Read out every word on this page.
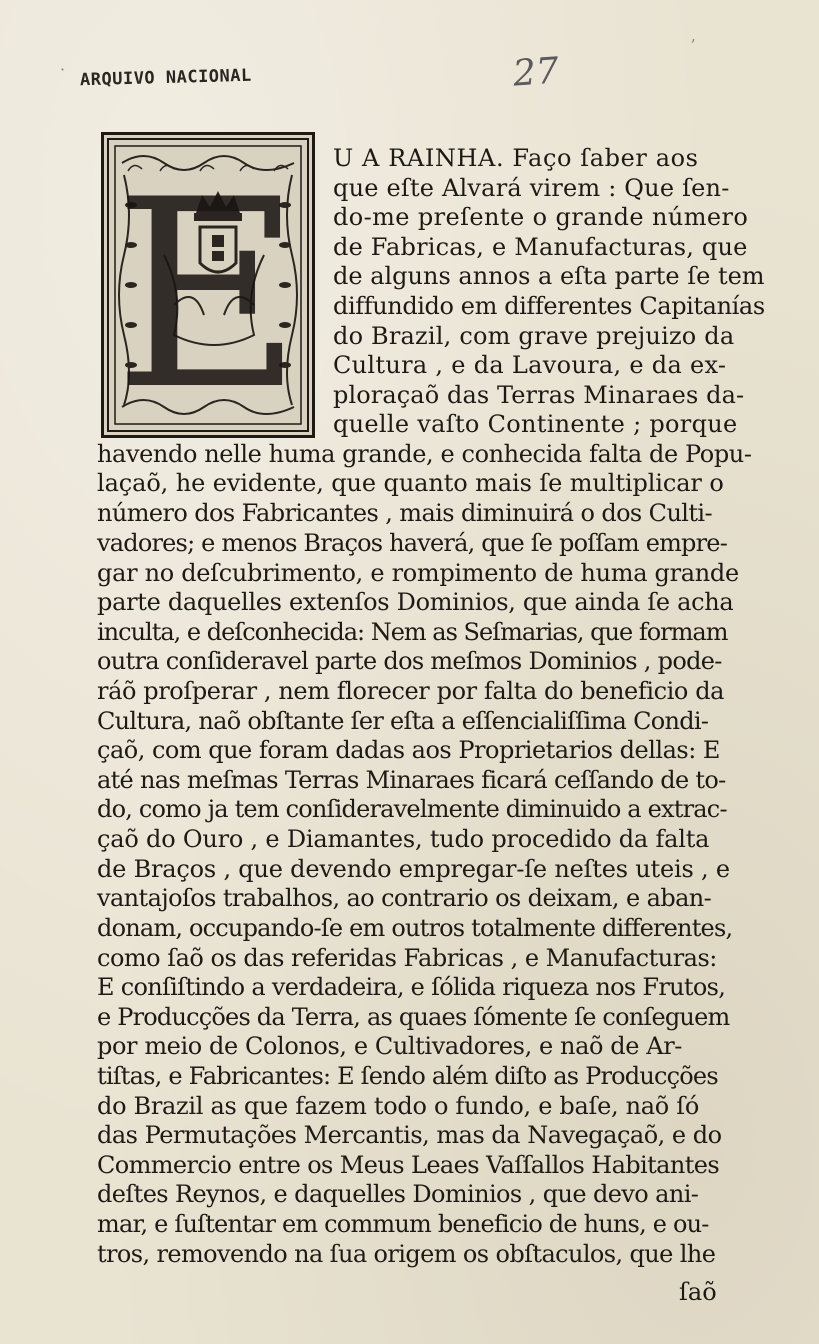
ARQUIVO NACIONAL	27
ʼ
·
E U A RAINHA. Faço ſaber aos
que eſte Alvará virem : Que ſen-
do-me preſente o grande número
de Fabricas, e Manufacturas, que
de alguns annos a eſta parte ſe tem
diffundido em differentes Capitanías
do Brazil, com grave prejuizo da
Cultura , e da Lavoura, e da ex-
ploraçaõ das Terras Minaraes da-
quelle vaſto Continente ; porque
havendo nelle huma grande, e conhecida falta de Popu-
laçaõ, he evidente, que quanto mais ſe multiplicar o
número dos Fabricantes , mais diminuirá o dos Culti-
vadores; e menos Braços haverá, que ſe poſſam empre-
gar no deſcubrimento, e rompimento de huma grande
parte daquelles extenſos Dominios, que ainda ſe acha
inculta, e deſconhecida: Nem as Seſmarias, que formam
outra conſideravel parte dos meſmos Dominios , pode-
ráõ proſperar , nem florecer por falta do beneficio da
Cultura, naõ obſtante ſer eſta a eſſencialiſſima Condi-
çaõ, com que foram dadas aos Proprietarios dellas: E
até nas meſmas Terras Minaraes ficará ceſſando de to-
do, como ja tem conſideravelmente diminuido a extrac-
çaõ do Ouro , e Diamantes, tudo procedido da falta
de Braços , que devendo empregar-ſe neſtes uteis , e
vantajoſos trabalhos, ao contrario os deixam, e aban-
donam, occupando-ſe em outros totalmente differentes,
como ſaõ os das referidas Fabricas , e Manufacturas:
E conſiſtindo a verdadeira, e ſólida riqueza nos Frutos,
e Producções da Terra, as quaes ſómente ſe conſeguem
por meio de Colonos, e Cultivadores, e naõ de Ar-
tiſtas, e Fabricantes: E ſendo além diſto as Producções
do Brazil as que fazem todo o fundo, e baſe, naõ ſó
das Permutações Mercantis, mas da Navegaçaõ, e do
Commercio entre os Meus Leaes Vaſſallos Habitantes
deſtes Reynos, e daquelles Dominios , que devo ani-
mar, e ſuſtentar em commum beneficio de huns, e ou-
tros, removendo na ſua origem os obſtaculos, que lhe
ſaõ
